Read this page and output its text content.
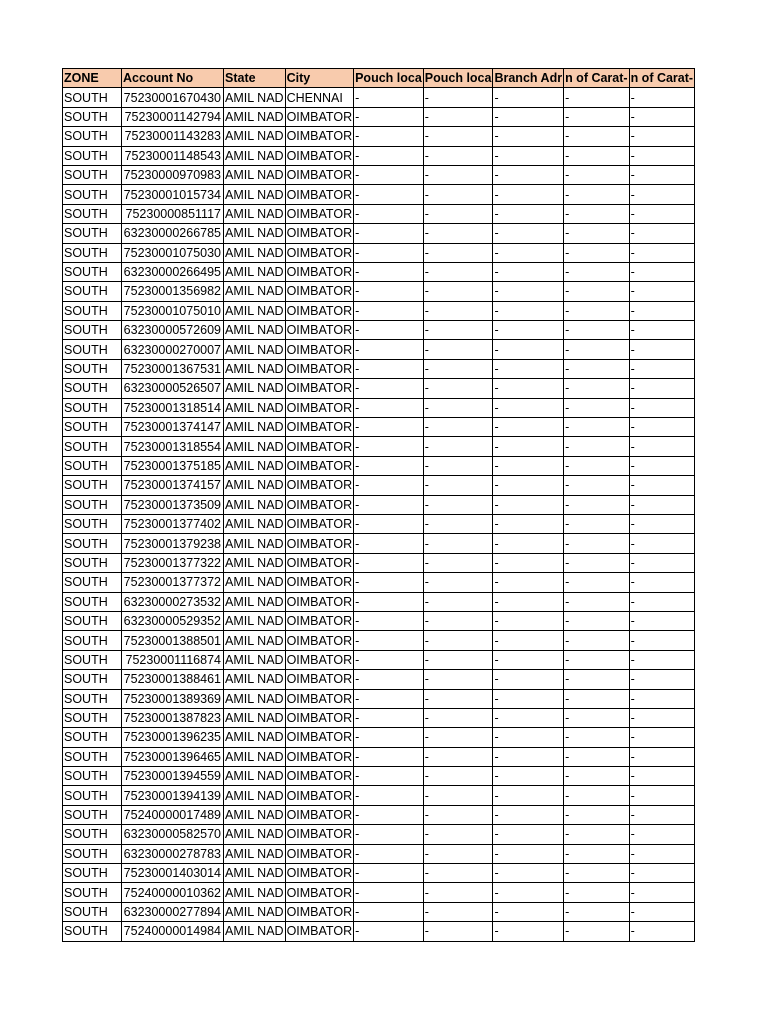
ZONE	Account No	State	City	Pouch loca	Pouch loca	Branch Adr	n of Carat-	n of Carat-
SOUTH	75230001670430	AMIL NAD	CHENNAI	-	-	-	-	-
SOUTH	75230001142794	AMIL NAD	OIMBATOR	-	-	-	-	-
SOUTH	75230001143283	AMIL NAD	OIMBATOR	-	-	-	-	-
SOUTH	75230001148543	AMIL NAD	OIMBATOR	-	-	-	-	-
SOUTH	75230000970983	AMIL NAD	OIMBATOR	-	-	-	-	-
SOUTH	75230001015734	AMIL NAD	OIMBATOR	-	-	-	-	-
SOUTH	75230000851117	AMIL NAD	OIMBATOR	-	-	-	-	-
SOUTH	63230000266785	AMIL NAD	OIMBATOR	-	-	-	-	-
SOUTH	75230001075030	AMIL NAD	OIMBATOR	-	-	-	-	-
SOUTH	63230000266495	AMIL NAD	OIMBATOR	-	-	-	-	-
SOUTH	75230001356982	AMIL NAD	OIMBATOR	-	-	-	-	-
SOUTH	75230001075010	AMIL NAD	OIMBATOR	-	-	-	-	-
SOUTH	63230000572609	AMIL NAD	OIMBATOR	-	-	-	-	-
SOUTH	63230000270007	AMIL NAD	OIMBATOR	-	-	-	-	-
SOUTH	75230001367531	AMIL NAD	OIMBATOR	-	-	-	-	-
SOUTH	63230000526507	AMIL NAD	OIMBATOR	-	-	-	-	-
SOUTH	75230001318514	AMIL NAD	OIMBATOR	-	-	-	-	-
SOUTH	75230001374147	AMIL NAD	OIMBATOR	-	-	-	-	-
SOUTH	75230001318554	AMIL NAD	OIMBATOR	-	-	-	-	-
SOUTH	75230001375185	AMIL NAD	OIMBATOR	-	-	-	-	-
SOUTH	75230001374157	AMIL NAD	OIMBATOR	-	-	-	-	-
SOUTH	75230001373509	AMIL NAD	OIMBATOR	-	-	-	-	-
SOUTH	75230001377402	AMIL NAD	OIMBATOR	-	-	-	-	-
SOUTH	75230001379238	AMIL NAD	OIMBATOR	-	-	-	-	-
SOUTH	75230001377322	AMIL NAD	OIMBATOR	-	-	-	-	-
SOUTH	75230001377372	AMIL NAD	OIMBATOR	-	-	-	-	-
SOUTH	63230000273532	AMIL NAD	OIMBATOR	-	-	-	-	-
SOUTH	63230000529352	AMIL NAD	OIMBATOR	-	-	-	-	-
SOUTH	75230001388501	AMIL NAD	OIMBATOR	-	-	-	-	-
SOUTH	75230001116874	AMIL NAD	OIMBATOR	-	-	-	-	-
SOUTH	75230001388461	AMIL NAD	OIMBATOR	-	-	-	-	-
SOUTH	75230001389369	AMIL NAD	OIMBATOR	-	-	-	-	-
SOUTH	75230001387823	AMIL NAD	OIMBATOR	-	-	-	-	-
SOUTH	75230001396235	AMIL NAD	OIMBATOR	-	-	-	-	-
SOUTH	75230001396465	AMIL NAD	OIMBATOR	-	-	-	-	-
SOUTH	75230001394559	AMIL NAD	OIMBATOR	-	-	-	-	-
SOUTH	75230001394139	AMIL NAD	OIMBATOR	-	-	-	-	-
SOUTH	75240000017489	AMIL NAD	OIMBATOR	-	-	-	-	-
SOUTH	63230000582570	AMIL NAD	OIMBATOR	-	-	-	-	-
SOUTH	63230000278783	AMIL NAD	OIMBATOR	-	-	-	-	-
SOUTH	75230001403014	AMIL NAD	OIMBATOR	-	-	-	-	-
SOUTH	75240000010362	AMIL NAD	OIMBATOR	-	-	-	-	-
SOUTH	63230000277894	AMIL NAD	OIMBATOR	-	-	-	-	-
SOUTH	75240000014984	AMIL NAD	OIMBATOR	-	-	-	-	-
